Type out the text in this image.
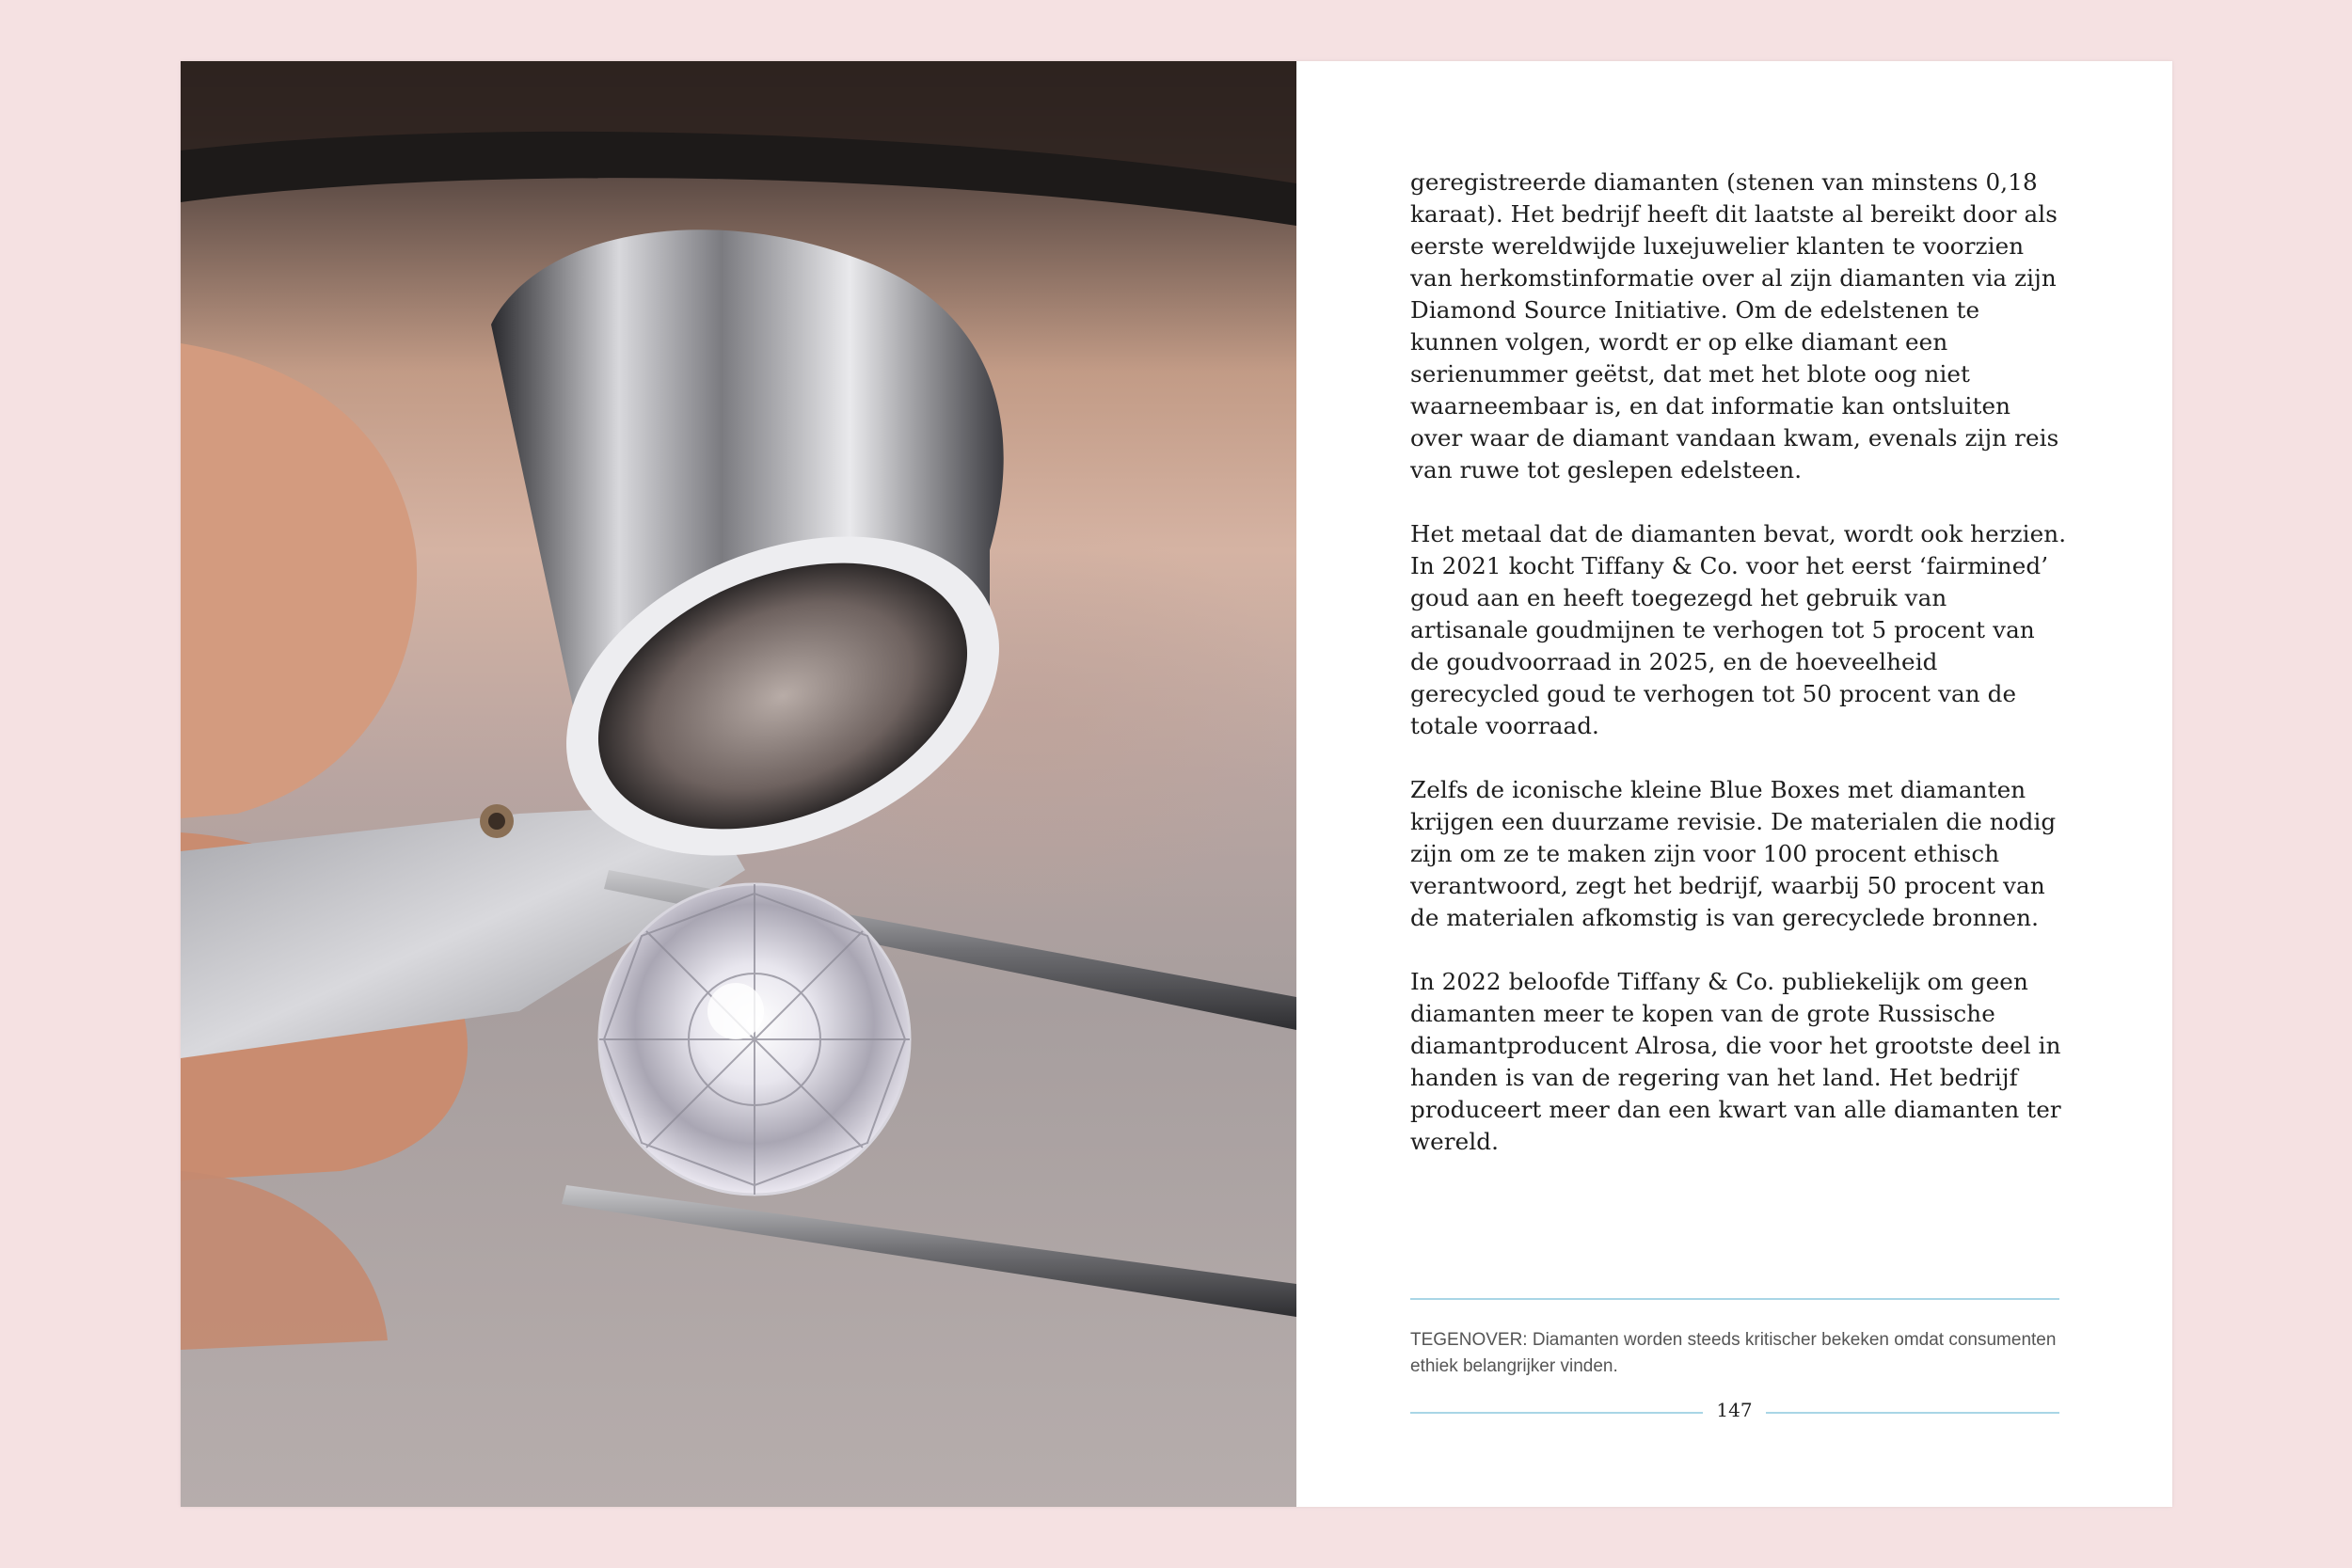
geregistreerde diamanten (stenen van minstens 0,18 karaat). Het bedrijf heeft dit laatste al bereikt door als eerste wereldwijde luxejuwelier klanten te voorzien van herkomstinformatie over al zijn diamanten via zijn Diamond Source Initiative. Om de edelstenen te kunnen volgen, wordt er op elke diamant een serienummer geëtst, dat met het blote oog niet waarneembaar is, en dat informatie kan ontsluiten over waar de diamant vandaan kwam, evenals zijn reis van ruwe tot geslepen edelsteen.

Het metaal dat de diamanten bevat, wordt ook herzien. In 2021 kocht Tiffany & Co. voor het eerst ‘fairmined’ goud aan en heeft toegezegd het gebruik van artisanale goudmijnen te verhogen tot 5 procent van de goudvoorraad in 2025, en de hoeveelheid gerecycled goud te verhogen tot 50 procent van de totale voorraad.

Zelfs de iconische kleine Blue Boxes met diamanten krijgen een duurzame revisie. De materialen die nodig zijn om ze te maken zijn voor 100 procent ethisch verantwoord, zegt het bedrijf, waarbij 50 procent van de materialen afkomstig is van gerecyclede bronnen.

In 2022 beloofde Tiffany & Co. publiekelijk om geen diamanten meer te kopen van de grote Russische diamantproducent Alrosa, die voor het grootste deel in handen is van de regering van het land. Het bedrijf produceert meer dan een kwart van alle diamanten ter wereld.

TEGENOVER: Diamanten worden steeds kritischer bekeken omdat consumenten ethiek belangrijker vinden.
147
